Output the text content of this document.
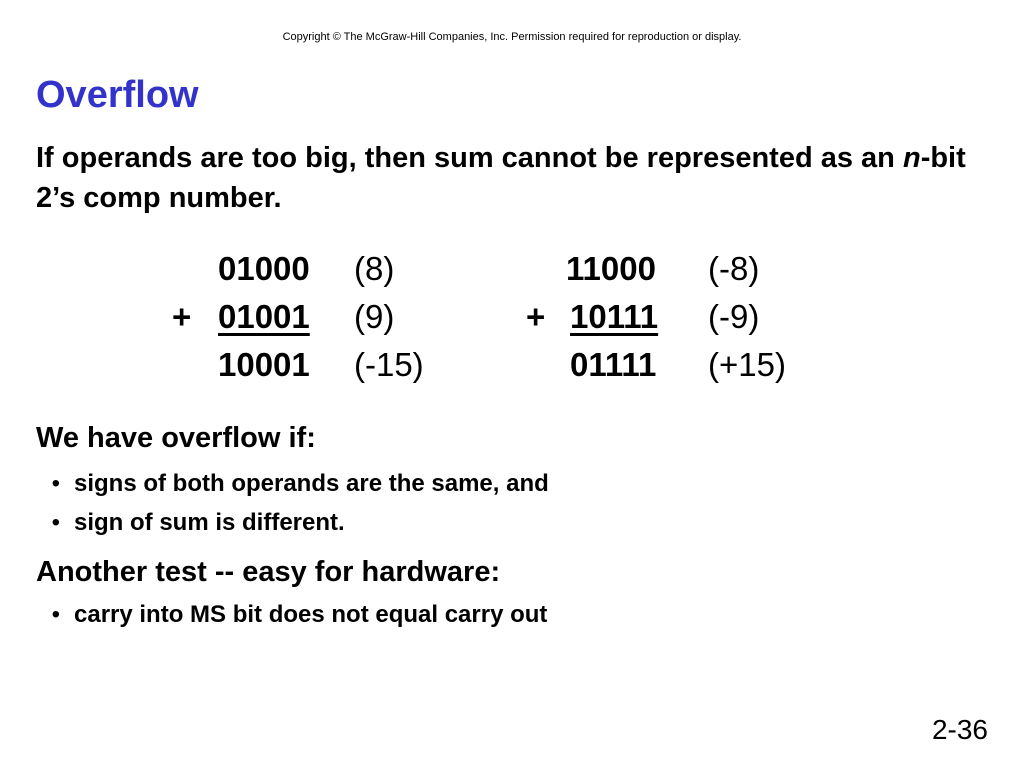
Copyright © The McGraw-Hill Companies, Inc. Permission required for reproduction or display.
Overflow
If operands are too big, then sum cannot be represented as an n-bit 2’s comp number.
01000 (8)
+ 01001 (9)
10001 (-15)
11000 (-8)
+ 10111 (-9)
01111 (+15)
We have overflow if:
• signs of both operands are the same, and
• sign of sum is different.
Another test -- easy for hardware:
• carry into MS bit does not equal carry out
2-36
